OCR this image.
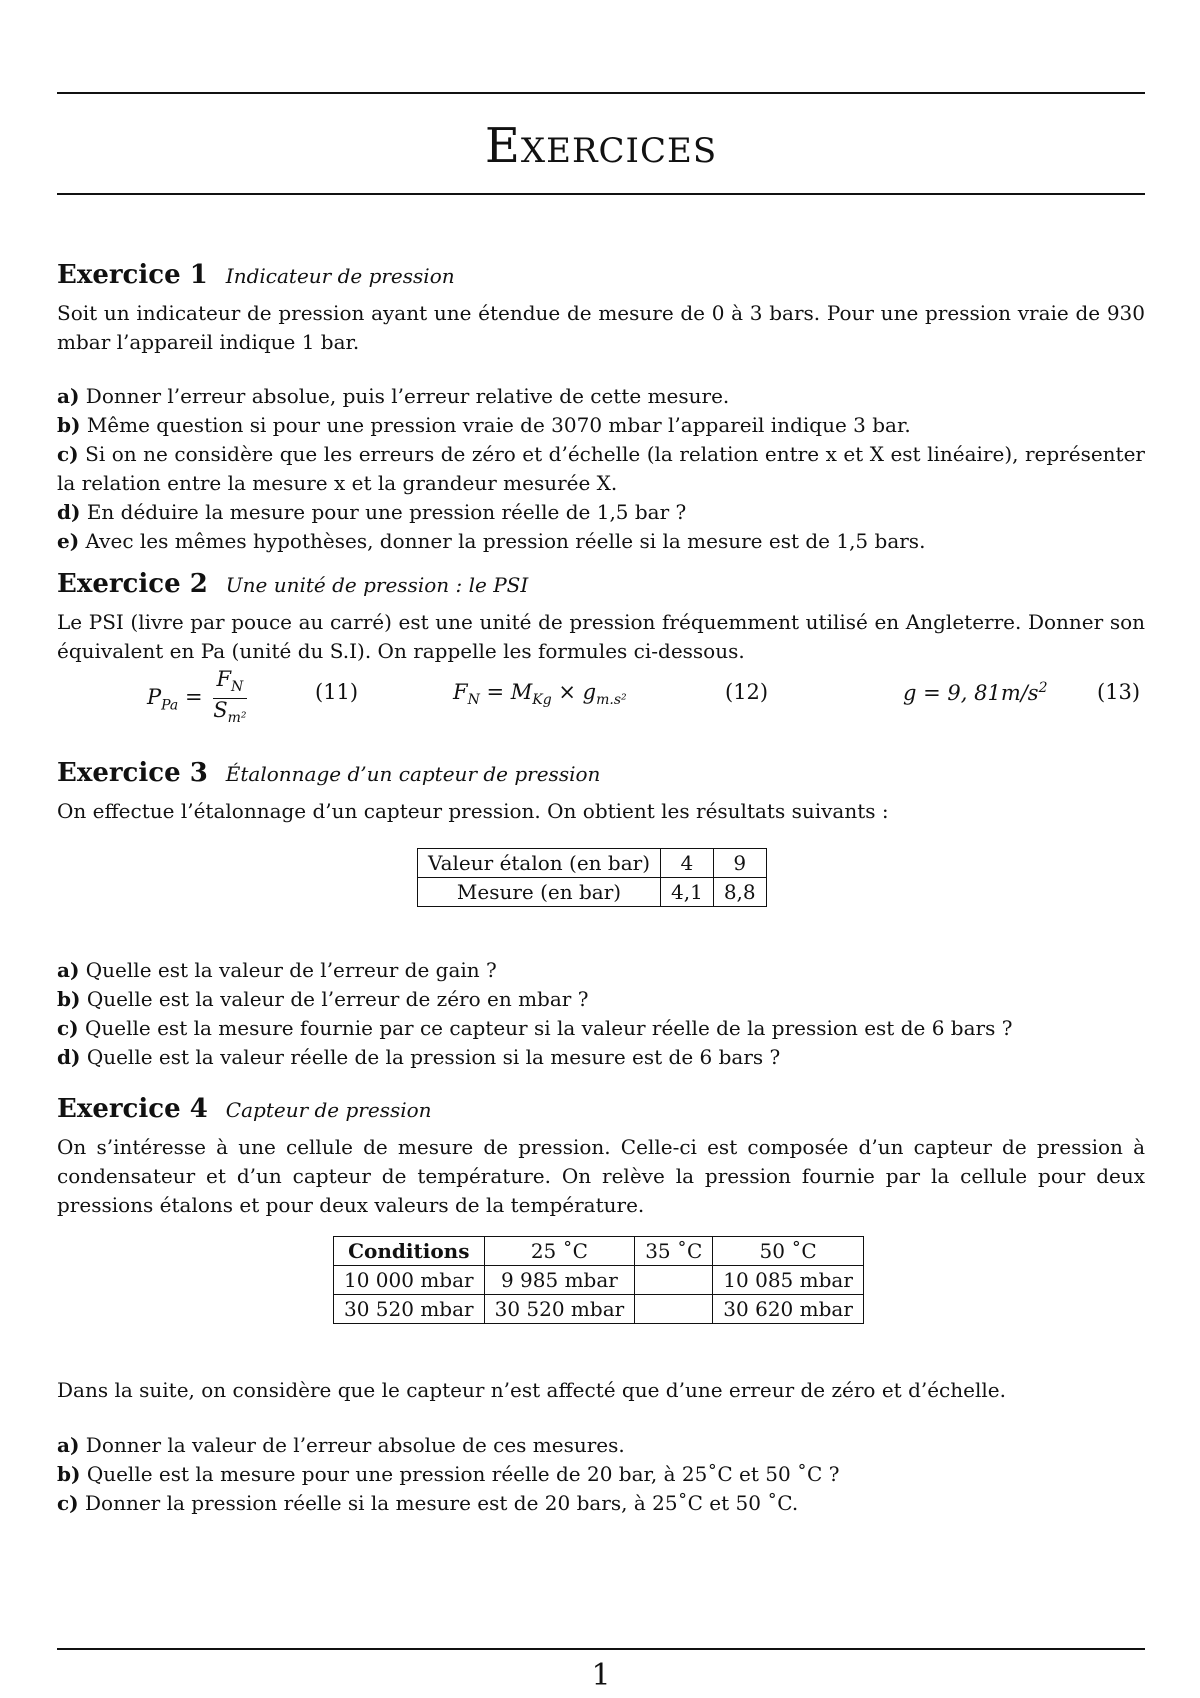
Exercices
Exercice 1 Indicateur de pression

Soit un indicateur de pression ayant une étendue de mesure de 0 à 3 bars. Pour une pression vraie de 930 mbar l’appareil indique 1 bar.

a) Donner l’erreur absolue, puis l’erreur relative de cette mesure.

b) Même question si pour une pression vraie de 3070 mbar l’appareil indique 3 bar.

c) Si on ne considère que les erreurs de zéro et d’échelle (la relation entre x et X est linéaire), représenter la relation entre la mesure x et la grandeur mesurée X.

d) En déduire la mesure pour une pression réelle de 1,5 bar ?

e) Avec les mêmes hypothèses, donner la pression réelle si la mesure est de 1,5 bars.

Exercice 2 Une unité de pression : le PSI

Le PSI (livre par pouce au carré) est une unité de pression fréquemment utilisé en Angleterre. Donner son équivalent en Pa (unité du S.I). On rappelle les formules ci-dessous.

$P_{Pa} = \frac{F_N}{S_{m^2}}$	(11)	$F_N = M_{Kg} \times g_{m.s^2}$	(12)	g = 9, $81m/s^2$ (13)
Exercice 3 Étalonnage d’un capteur de pression

On effectue l’étalonnage d’un capteur pression. On obtient les résultats suivants :

Valeur étalon (en bar)	4	9
Mesure (en bar)	4,1	8,8

a) Quelle est la valeur de l’erreur de gain ?

b) Quelle est la valeur de l’erreur de zéro en mbar ?

c) Quelle est la mesure fournie par ce capteur si la valeur réelle de la pression est de 6 bars ?

d) Quelle est la valeur réelle de la pression si la mesure est de 6 bars ?

Exercice 4 Capteur de pression

On s’intéresse à une cellule de mesure de pression. Celle-ci est composée d’un capteur de pression à condensateur et d’un capteur de température. On relève la pression fournie par la cellule pour deux pressions étalons et pour deux valeurs de la température.

Conditions	25 ˚C	35 ˚C	50 ˚C
10 000 mbar	9 985 mbar		10 085 mbar
30 520 mbar	30 520 mbar		30 620 mbar

Dans la suite, on considère que le capteur n’est affecté que d’une erreur de zéro et d’échelle.

a) Donner la valeur de l’erreur absolue de ces mesures.

b) Quelle est la mesure pour une pression réelle de 20 bar, à 25˚C et 50 ˚C ?

c) Donner la pression réelle si la mesure est de 20 bars, à 25˚C et 50 ˚C.

1
